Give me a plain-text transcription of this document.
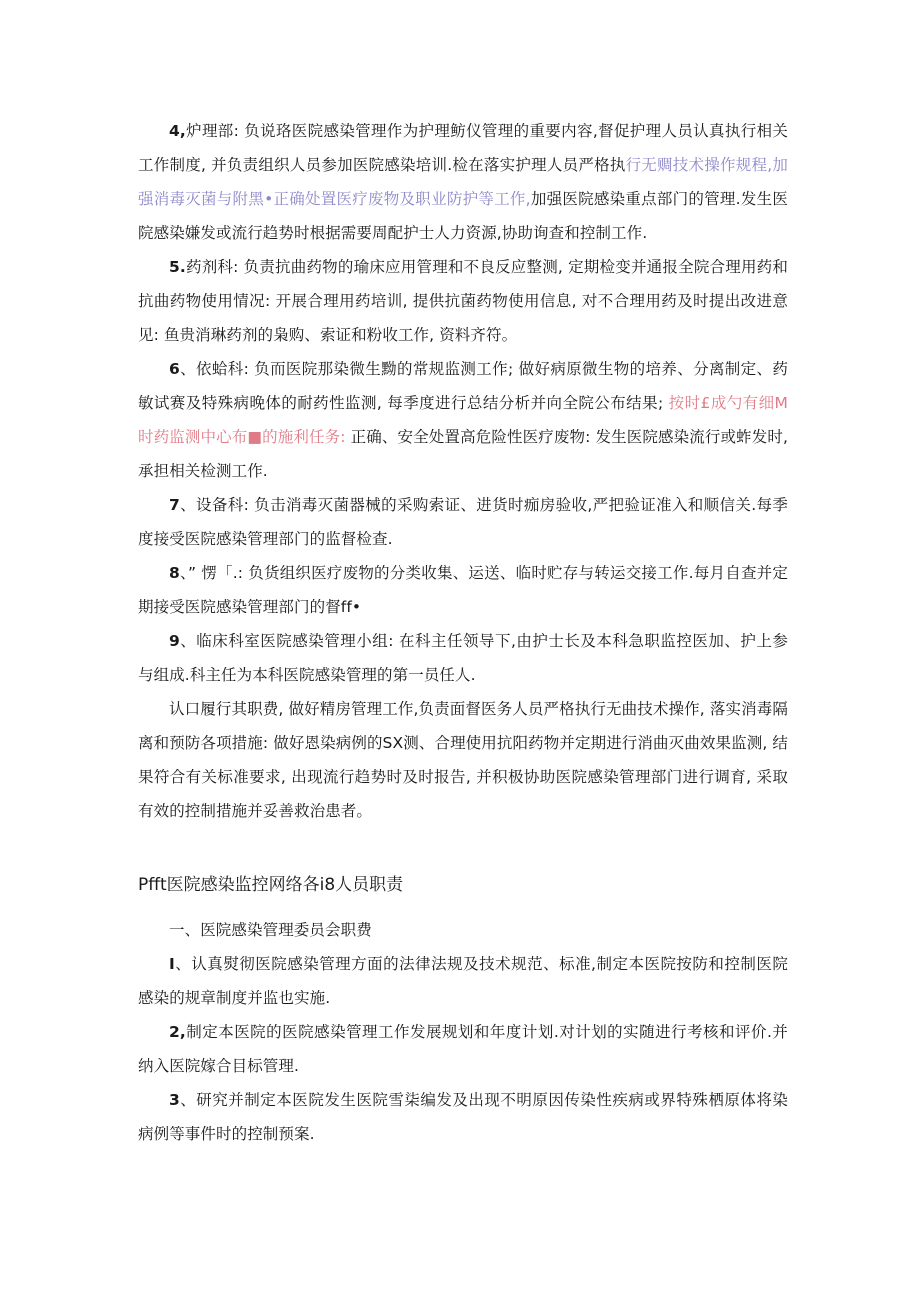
4,炉理部: 负说珞医院感染管理作为护理鲂仪管理的重要内容,督促护理人员认真执行相关工作制度, 并负责组织人员参加医院感染培训.检在落实护理人员严格执行无赒技术操作规程,加强消毒灭菌与附黑•正确处置医疗废物及职业防护等工作,加强医院感染重点部门的管理.发生医院感染嫌发或流行趋势时根据需要周配护士人力资源,协助询查和控制工作.

5.药剂科: 负责抗曲药物的瑜床应用管理和不良反应整测, 定期检变并通报全院合理用药和抗曲药物使用情况: 开展合理用药培训, 提供抗菌药物使用信息, 对不合理用药及时提出改进意见: 鱼贵消琳药剂的枭购、索证和粉收工作, 资料齐符。

6、依蛤科: 负而医院那染微生黝的常规监测工作; 做好病原微生物的培养、分离制定、药敏试赛及特殊病晚体的耐药性监测, 每季度进行总结分析并向全院公布结果; 按时£成勺有细M时药监测中心布■的施利任务: 正确、安全处置高危险性医疗废物: 发生医院感染流行或蚱发时, 承担相关检测工作.

7、设备科: 负击消毒灭菌器械的采购索证、进货时痂房验收,严把验证准入和顺信关.每季度接受医院感染管理部门的监督检查.

8、” 愣「.: 负货组织医疗废物的分类收集、运送、临时贮存与转运交接工作.每月自查并定期接受医院感染管理部门的督ff•

9、临床科室医院感染管理小组: 在科主任领导下,由护士长及本科急职监控医加、护上参与组成.科主任为本科医院感染管理的第一员任人.

认口履行其职费, 做好精房管理工作,负责面督医务人员严格执行无曲技术操作, 落实消毒隔离和预防各项措施: 做好恩染病例的SX测、合理使用抗阳药物并定期进行消曲灭曲效果监测, 结果符合有关标准要求, 出现流行趋势时及时报告, 并积极协助医院感染管理部门进行调育, 采取有效的控制措施并妥善救治患者。

Pfft医院感染监控网络各i8人员职责

一、医院感染管理委员会职费

I、认真熨彻医院感染管理方面的法律法规及技术规范、标准,制定本医院按防和控制医院感染的规章制度并监也实施.

2,制定本医院的医院感染管理工作发展规划和年度计划.对计划的实随进行考核和评价.并纳入医院嫁合目标管理.

3、研究并制定本医院发生医院雪柒编发及出现不明原因传染性疾病或界特殊栖原体将染病例等事件时的控制预案.
